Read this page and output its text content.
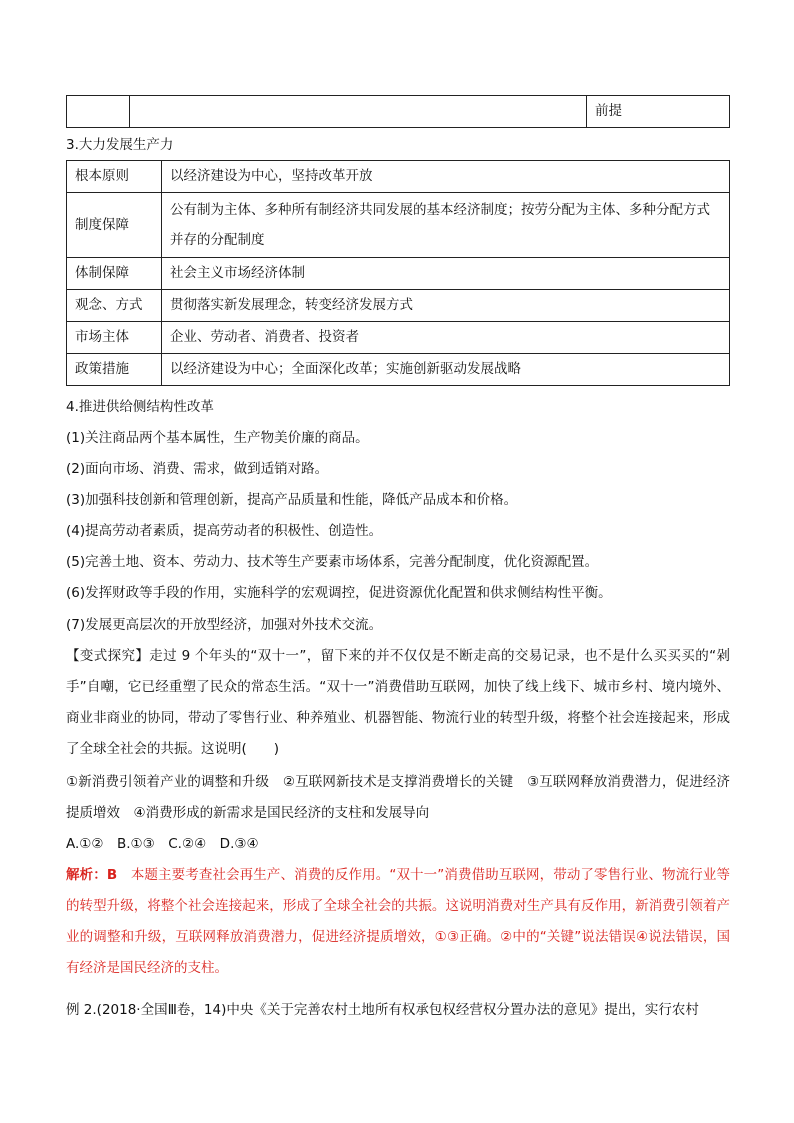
		前提
3.大力发展生产力
根本原则	以经济建设为中心，坚持改革开放
制度保障	公有制为主体、多种所有制经济共同发展的基本经济制度；按劳分配为主体、多种分配方式并存的分配制度
体制保障	社会主义市场经济体制
观念、方式	贯彻落实新发展理念，转变经济发展方式
市场主体	企业、劳动者、消费者、投资者
政策措施	以经济建设为中心；全面深化改革；实施创新驱动发展战略
4.推进供给侧结构性改革
(1)关注商品两个基本属性，生产物美价廉的商品。
(2)面向市场、消费、需求，做到适销对路。
(3)加强科技创新和管理创新，提高产品质量和性能，降低产品成本和价格。
(4)提高劳动者素质，提高劳动者的积极性、创造性。
(5)完善土地、资本、劳动力、技术等生产要素市场体系，完善分配制度，优化资源配置。
(6)发挥财政等手段的作用，实施科学的宏观调控，促进资源优化配置和供求侧结构性平衡。
(7)发展更高层次的开放型经济，加强对外技术交流。
【变式探究】走过 9 个年头的“双十一”，留下来的并不仅仅是不断走高的交易记录，也不是什么买买买的“剁手”自嘲，它已经重塑了民众的常态生活。“双十一”消费借助互联网，加快了线上线下、城市乡村、境内境外、商业非商业的协同，带动了零售行业、种养殖业、机器智能、物流行业的转型升级，将整个社会连接起来，形成了全球全社会的共振。这说明(　　)
①新消费引领着产业的调整和升级　②互联网新技术是支撑消费增长的关键　③互联网释放消费潜力，促进经济提质增效　④消费形成的新需求是国民经济的支柱和发展导向
A.①②　B.①③　C.②④　D.③④
解析：B　本题主要考查社会再生产、消费的反作用。“双十一”消费借助互联网，带动了零售行业、物流行业等的转型升级，将整个社会连接起来，形成了全球全社会的共振。这说明消费对生产具有反作用，新消费引领着产业的调整和升级，互联网释放消费潜力，促进经济提质增效，①③正确。②中的“关键”说法错误④说法错误，国有经济是国民经济的支柱。
例 2.(2018·全国Ⅲ卷，14)中央《关于完善农村土地所有权承包权经营权分置办法的意见》提出，实行农村
